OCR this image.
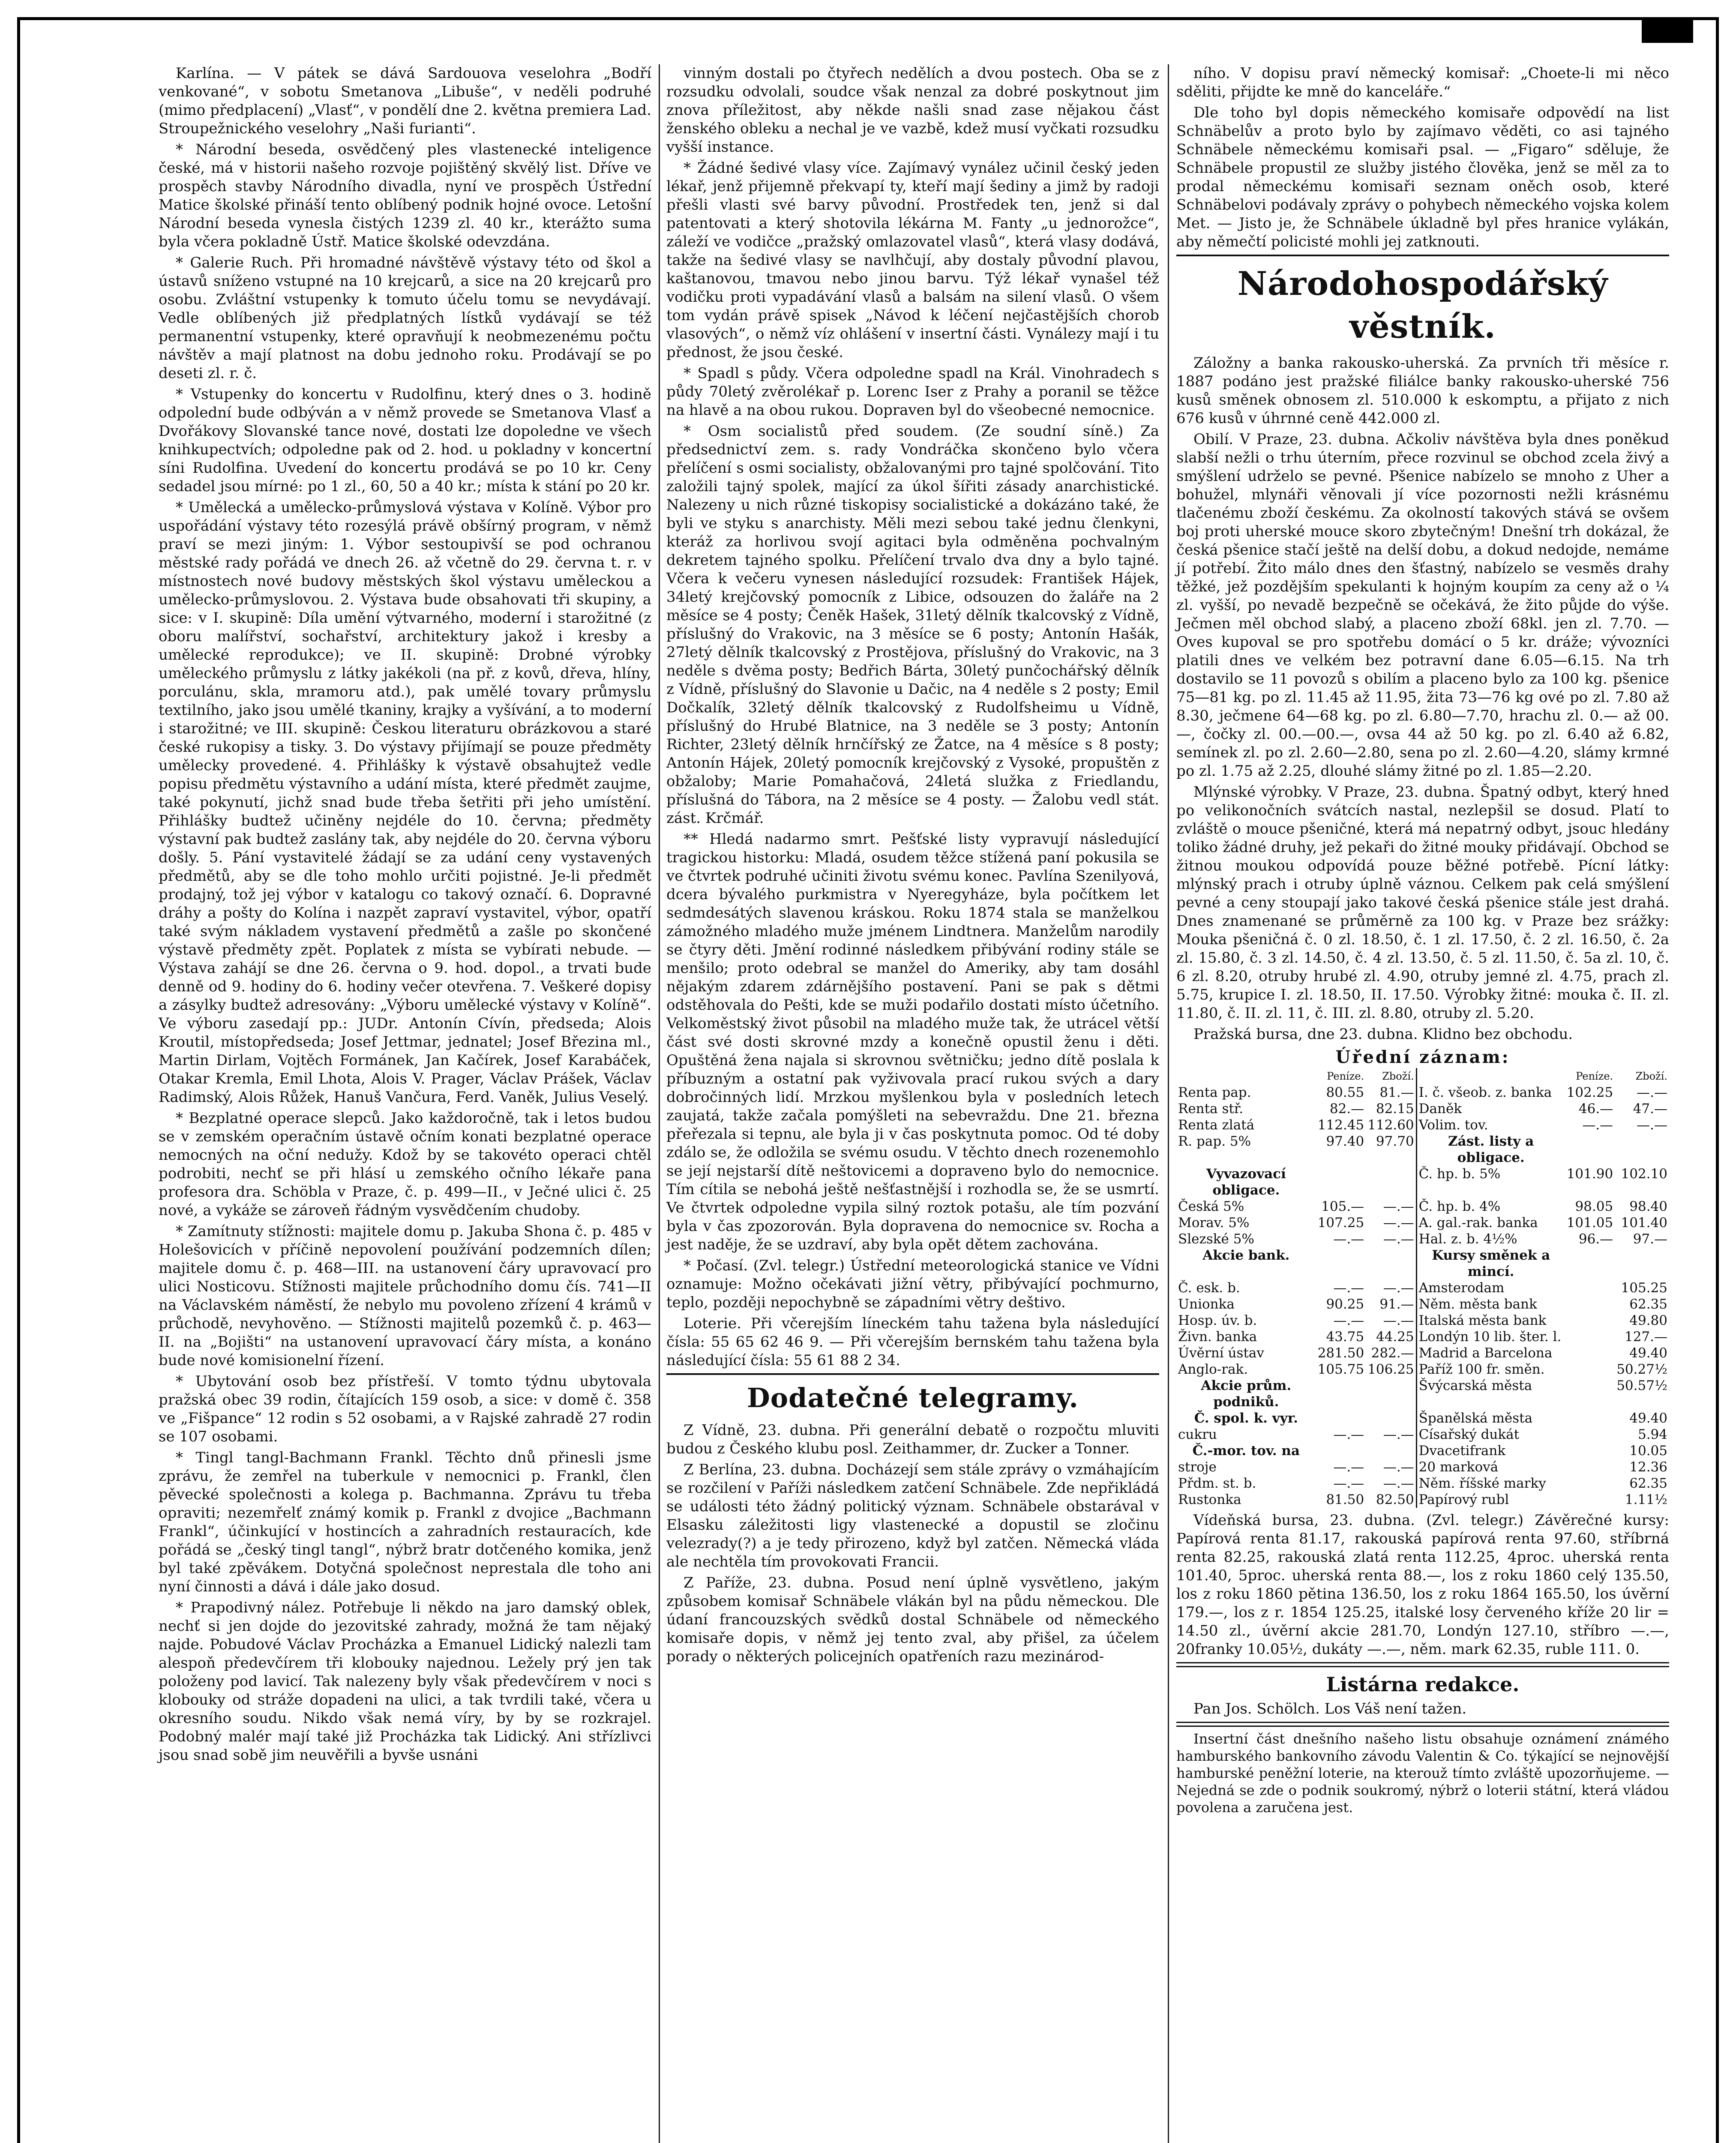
Karlína. — V pátek se dává Sardouova veselohra „Bodří venkované“, v sobotu Smetanova „Libuše“, v neděli podruhé (mimo předplacení) „Vlasť“, v pondělí dne 2. května premiera Lad. Stroupežnického veselohry „Naši furianti“.

* Národní beseda, osvědčený ples vlastenecké inteligence české, má v historii našeho rozvoje pojištěný skvělý list. Dříve ve prospěch stavby Národního divadla, nyní ve prospěch Ústřední Matice školské přináší tento oblíbený podnik hojné ovoce. Letošní Národní beseda vynesla čistých 1239 zl. 40 kr., kterážto suma byla včera pokladně Ústř. Matice školské odevzdána.

* Galerie Ruch. Při hromadné návštěvě výstavy této od škol a ústavů sníženo vstupné na 10 krejcarů, a sice na 20 krejcarů pro osobu. Zvláštní vstupenky k tomuto účelu tomu se nevydávají. Vedle oblíbených již předplatných lístků vydávají se též permanentní vstupenky, které opravňují k neobmezenému počtu návštěv a mají platnost na dobu jednoho roku. Prodávají se po deseti zl. r. č.

* Vstupenky do koncertu v Rudolfinu, který dnes o 3. hodině odpolední bude odbýván a v němž provede se Smetanova Vlasť a Dvořákovy Slovanské tance nové, dostati lze dopoledne ve všech knihkupectvích; odpoledne pak od 2. hod. u pokladny v koncertní síni Rudolfina. Uvedení do koncertu prodává se po 10 kr. Ceny sedadel jsou mírné: po 1 zl., 60, 50 a 40 kr.; místa k stání po 20 kr.

* Umělecká a umělecko-průmyslová výstava v Kolíně. Výbor pro uspořádání výstavy této rozesýlá právě obšírný program, v němž praví se mezi jiným: 1. Výbor sestoupivší se pod ochranou městské rady pořádá ve dnech 26. až včetně do 29. června t. r. v místnostech nové budovy městských škol výstavu uměleckou a umělecko-průmyslovou. 2. Výstava bude obsahovati tři skupiny, a sice: v I. skupině: Díla umění výtvarného, moderní i starožitné (z oboru malířství, sochařství, architektury jakož i kresby a umělecké reprodukce); ve II. skupině: Drobné výrobky uměleckého průmyslu z látky jakékoli (na př. z kovů, dřeva, hlíny, porculánu, skla, mramoru atd.), pak umělé tovary průmyslu textilního, jako jsou umělé tkaniny, krajky a vyšívání, a to moderní i starožitné; ve III. skupině: Českou literaturu obrázkovou a staré české rukopisy a tisky. 3. Do výstavy přijímají se pouze předměty umělecky provedené. 4. Přihlášky k výstavě obsahujtež vedle popisu předmětu výstavního a udání místa, které předmět zaujme, také pokynutí, jichž snad bude třeba šetřiti při jeho umístění. Přihlášky budtež učiněny nejdéle do 10. června; předměty výstavní pak budtež zaslány tak, aby nejdéle do 20. června výboru došly. 5. Pání vystavitelé žádají se za udání ceny vystavených předmětů, aby se dle toho mohlo určiti pojistné. Je-li předmět prodajný, tož jej výbor v katalogu co takový označí. 6. Dopravné dráhy a pošty do Kolína i nazpět zapraví vystavitel, výbor, opatří také svým nákladem vystavení předmětů a zašle po skončené výstavě předměty zpět. Poplatek z místa se vybírati nebude. — Výstava zahájí se dne 26. června o 9. hod. dopol., a trvati bude denně od 9. hodiny do 6. hodiny večer otevřena. 7. Veškeré dopisy a zásylky budtež adresovány: „Výboru umělecké výstavy v Kolíně“. Ve výboru zasedají pp.: JUDr. Antonín Cívín, předseda; Alois Kroutil, místopředseda; Josef Jettmar, jednatel; Josef Březina ml., Martin Dirlam, Vojtěch Formánek, Jan Kačírek, Josef Karabáček, Otakar Kremla, Emil Lhota, Alois V. Prager, Václav Prášek, Václav Radimský, Alois Růžek, Hanuš Vančura, Ferd. Vaněk, Julius Veselý.

* Bezplatné operace slepců. Jako každoročně, tak i letos budou se v zemském operačním ústavě očním konati bezplatné operace nemocných na oční nedužy. Kdož by se takovéto operaci chtěl podrobiti, nechť se při hlásí u zemského očního lékaře pana profesora dra. Schöbla v Praze, č. p. 499—II., v Ječné ulici č. 25 nové, a vykáže se zároveň řádným vysvědčením chudoby.

* Zamítnuty stížnosti: majitele domu p. Jakuba Shona č. p. 485 v Holešovicích v příčině nepovolení používání podzemních dílen; majitele domu č. p. 468—III. na ustanovení čáry upravovací pro ulici Nosticovu. Stížnosti majitele průchodního domu čís. 741—II na Václavském náměstí, že nebylo mu povoleno zřízení 4 krámů v průchodě, nevyhověno. — Stížnosti majitelů pozemků č. p. 463—II. na „Bojišti“ na ustanovení upravovací čáry místa, a konáno bude nové komisionelní řízení.

* Ubytování osob bez přístřeší. V tomto týdnu ubytovala pražská obec 39 rodin, čítajících 159 osob, a sice: v domě č. 358 ve „Fišpance“ 12 rodin s 52 osobami, a v Rajské zahradě 27 rodin se 107 osobami.

* Tingl tangl-Bachmann Frankl. Těchto dnů přinesli jsme zprávu, že zemřel na tuberkule v nemocnici p. Frankl, člen pěvecké společnosti a kolega p. Bachmanna. Zprávu tu třeba opraviti; nezemřelť známý komik p. Frankl z dvojice „Bachmann Frankl“, účinkující v hostincích a zahradních restauracích, kde pořádá se „český tingl tangl“, nýbrž bratr dotčeného komika, jenž byl také zpěvákem. Dotyčná společnost neprestala dle toho ani nyní činnosti a dává i dále jako dosud.

* Prapodivný nález. Potřebuje li někdo na jaro damský oblek, nechť si jen dojde do jezovitské zahrady, možná že tam nějaký najde. Pobudové Václav Procházka a Emanuel Lidický nalezli tam alespoň předevčírem tři klobouky najednou. Ležely prý jen tak položeny pod lavicí. Tak nalezeny byly však předevčírem v noci s klobouky od stráže dopadeni na ulici, a tak tvrdili také, včera u okresního soudu. Nikdo však nemá víry, by by se rozkrajel. Podobný malér mají také již Procházka tak Lidický. Ani střízlivci jsou snad sobě jim neuvěřili a byvše usnáni

vinným dostali po čtyřech nedělích a dvou postech. Oba se z rozsudku odvolali, soudce však nenzal za dobré poskytnout jim znova příležitost, aby někde našli snad zase nějakou část ženského obleku a nechal je ve vazbě, kdež musí vyčkati rozsudku vyšší instance.

* Žádné šedivé vlasy více. Zajímavý vynález učinil český jeden lékař, jenž přijemně překvapí ty, kteří mají šediny a jimž by radoji přešli vlasti své barvy původní. Prostředek ten, jenž si dal patentovati a který shotovila lékárna M. Fanty „u jednorožce“, záleží ve vodičce „pražský omlazovatel vlasů“, která vlasy dodává, takže na šedivé vlasy se navlhčují, aby dostaly původní plavou, kaštanovou, tmavou nebo jinou barvu. Týž lékař vynašel též vodičku proti vypadávání vlasů a balsám na silení vlasů. O všem tom vydán právě spisek „Návod k léčení nejčastějších chorob vlasových“, o němž víz ohlášení v insertní části. Vynálezy mají i tu přednost, že jsou české.

* Spadl s půdy. Včera odpoledne spadl na Král. Vinohradech s půdy 70letý zvěrolékař p. Lorenc Iser z Prahy a poranil se těžce na hlavě a na obou rukou. Dopraven byl do všeobecné nemocnice.

* Osm socialistů před soudem. (Ze soudní síně.) Za předsednictví zem. s. rady Vondráčka skončeno bylo včera přelíčení s osmi socialisty, obžalovanými pro tajné spolčování. Tito založili tajný spolek, mající za úkol šířiti zásady anarchistické. Nalezeny u nich různé tiskopisy socialistické a dokázáno také, že byli ve styku s anarchisty. Měli mezi sebou také jednu členkyni, kteráž za horlivou svojí agitaci byla odměněna pochvalným dekretem tajného spolku. Přelíčení trvalo dva dny a bylo tajné. Včera k večeru vynesen následující rozsudek: František Hájek, 34letý krejčovský pomocník z Libice, odsouzen do žaláře na 2 měsíce se 4 posty; Čeněk Hašek, 31letý dělník tkalcovský z Vídně, příslušný do Vrakovic, na 3 měsíce se 6 posty; Antonín Hašák, 27letý dělník tkalcovský z Prostějova, příslušný do Vrakovic, na 3 neděle s dvěma posty; Bedřich Bárta, 30letý punčochářský dělník z Vídně, příslušný do Slavonie u Dačic, na 4 neděle s 2 posty; Emil Dočkalík, 32letý dělník tkalcovský z Rudolfsheimu u Vídně, příslušný do Hrubé Blatnice, na 3 neděle se 3 posty; Antonín Richter, 23letý dělník hrnčířský ze Žatce, na 4 měsíce s 8 posty; Antonín Hájek, 20letý pomocník krejčovský z Vysoké, propuštěn z obžaloby; Marie Pomahačová, 24letá služka z Friedlandu, příslušná do Tábora, na 2 měsíce se 4 posty. — Žalobu vedl stát. zást. Krčmář.

** Hledá nadarmo smrt. Pešťské listy vypravují následující tragickou historku: Mladá, osudem těžce stížená paní pokusila se ve čtvrtek podruhé učiniti životu svému konec. Pavlína Szenilyová, dcera bývalého purkmistra v Nyeregyháze, byla počítkem let sedmdesátých slavenou kráskou. Roku 1874 stala se manželkou zámožného mladého muže jménem Lindtnera. Manželům narodily se čtyry děti. Jmění rodinné následkem přibývání rodiny stále se menšilo; proto odebral se manžel do Ameriky, aby tam dosáhl nějakým zdarem zdárnějšího postavení. Pani se pak s dětmi odstěhovala do Pešti, kde se muži podařilo dostati místo účetního. Velkoměstský život působil na mladého muže tak, že utrácel větší část své dosti skrovné mzdy a konečně opustil ženu i děti. Opuštěná žena najala si skrovnou světničku; jedno dítě poslala k příbuzným a ostatní pak vyživovala prací rukou svých a dary dobročinných lidí. Mrzkou myšlenkou byla v posledních letech zaujatá, takže začala pomýšleti na sebevraždu. Dne 21. března přeřezala si tepnu, ale byla ji v čas poskytnuta pomoc. Od té doby zdálo se, že odložila se svému osudu. V těchto dnech rozenemohlo se její nejstarší dítě neštovicemi a dopraveno bylo do nemocnice. Tím cítila se nebohá ještě nešťastnější i rozhodla se, že se usmrtí. Ve čtvrtek odpoledne vypila silný roztok potašu, ale tím pozvání byla v čas zpozorován. Byla dopravena do nemocnice sv. Rocha a jest naděje, že se uzdraví, aby byla opět dětem zachována.

* Počasí. (Zvl. telegr.) Ústřední meteorologická stanice ve Vídni oznamuje: Možno očekávati jižní větry, přibývající pochmurno, teplo, později nepochybně se západními větry deštivo.

Loterie. Při včerejším líneckém tahu tažena byla následující čísla: 55 65 62 46 9. — Při včerejším bernském tahu tažena byla následující čísla: 55 61 88 2 34.

Dodatečné telegramy.

Z Vídně, 23. dubna. Při generální debatě o rozpočtu mluviti budou z Českého klubu posl. Zeithammer, dr. Zucker a Tonner.

Z Berlína, 23. dubna. Docházejí sem stále zprávy o vzmáhajícím se rozčilení v Paříži následkem zatčení Schnäbele. Zde nepřikládá se události této žádný politický význam. Schnäbele obstarával v Elsasku záležitosti ligy vlastenecké a dopustil se zločinu velezrady(?) a je tedy přirozeno, když byl zatčen. Německá vláda ale nechtěla tím provokovati Francii.

Z Paříže, 23. dubna. Posud není úplně vysvětleno, jakým způsobem komisař Schnäbele vlákán byl na půdu německou. Dle údaní francouzských svědků dostal Schnäbele od německého komisaře dopis, v němž jej tento zval, aby přišel, za účelem porady o některých policejních opatřeních razu mezinárod-

ního. V dopisu praví německý komisař: „Choete-li mi něco sděliti, přijdte ke mně do kanceláře.“

Dle toho byl dopis německého komisaře odpovědí na list Schnäbelův a proto bylo by zajímavo věděti, co asi tajného Schnäbele německému komisaři psal. — „Figaro“ sděluje, že Schnäbele propustil ze služby jistého člověka, jenž se měl za to prodal německému komisaři seznam oněch osob, které Schnäbelovi podávaly zprávy o pohybech německého vojska kolem Met. — Jisto je, že Schnäbele úkladně byl přes hranice vylákán, aby němečtí policisté mohli jej zatknouti.

Národohospodářský věstník.

Záložny a banka rakousko-uherská. Za prvních tři měsíce r. 1887 podáno jest pražské filiálce banky rakousko-uherské 756 kusů směnek obnosem zl. 510.000 k eskomptu, a přijato z nich 676 kusů v úhrnné ceně 442.000 zl.

Obilí. V Praze, 23. dubna. Ačkoliv návštěva byla dnes poněkud slabší nežli o trhu úterním, přece rozvinul se obchod zcela živý a smýšlení udrželo se pevné. Pšenice nabízelo se mnoho z Uher a bohužel, mlynáři věnovali jí více pozornosti nežli krásnému tlačenému zboží českému. Za okolností takových stává se ovšem boj proti uherské mouce skoro zbytečným! Dnešní trh dokázal, že česká pšenice stačí ještě na delší dobu, a dokud nedojde, nemáme jí potřebí. Žito málo dnes den šťastný, nabízelo se vesměs drahy těžké, jež pozdějším spekulanti k hojným koupím za ceny až o ¼ zl. vyšší, po nevadě bezpečně se očekává, že žito půjde do výše. Ječmen měl obchod slabý, a placeno zboží 68kl. jen zl. 7.70. — Oves kupoval se pro spotřebu domácí o 5 kr. dráže; vývozníci platili dnes ve velkém bez potravní dane 6.05—6.15. Na trh dostavilo se 11 povozů s obilím a placeno bylo za 100 kg. pšenice 75—81 kg. po zl. 11.45 až 11.95, žita 73—76 kg ové po zl. 7.80 až 8.30, ječmene 64—68 kg. po zl. 6.80—7.70, hrachu zl. 0.— až 00.—, čočky zl. 00.—00.—, ovsa 44 až 50 kg. po zl. 6.40 až 6.82, semínek zl. po zl. 2.60—2.80, sena po zl. 2.60—4.20, slámy krmné po zl. 1.75 až 2.25, dlouhé slámy žitné po zl. 1.85—2.20.

Mlýnské výrobky. V Praze, 23. dubna. Špatný odbyt, který hned po velikonočních svátcích nastal, nezlepšil se dosud. Platí to zvláště o mouce pšeničné, která má nepatrný odbyt, jsouc hledány toliko žádné druhy, jež pekaři do žitné mouky přidávají. Obchod se žitnou moukou odpovídá pouze běžné potřebě. Pícní látky: mlýnský prach i otruby úplně váznou. Celkem pak celá smýšlení pevné a ceny stoupají jako takové česká pšenice stále jest drahá. Dnes znamenané se průměrně za 100 kg. v Praze bez srážky: Mouka pšeničná č. 0 zl. 18.50, č. 1 zl. 17.50, č. 2 zl. 16.50, č. 2a zl. 15.80, č. 3 zl. 14.50, č. 4 zl. 13.50, č. 5 zl. 11.50, č. 5a zl. 10, č. 6 zl. 8.20, otruby hrubé zl. 4.90, otruby jemné zl. 4.75, prach zl. 5.75, krupice I. zl. 18.50, II. 17.50. Výrobky žitné: mouka č. II. zl. 11.80, č. II. zl. 11, č. III. zl. 8.80, otruby zl. 5.20.

Pražská bursa, dne 23. dubna. Klidno bez obchodu.

Úřední záznam:
	Peníze.	Zboží.		Peníze.	Zboží.
Renta pap.	80.55	81.—	I. č. všeob. z. banka	102.25	—.—
Renta stř.	82.—	82.15	Daněk	46.—	47.—
Renta zlatá	112.45	112.60	Volim. tov.	—.—	—.—
R. pap. 5%	97.40	97.70	Zást. listy a obligace.		
Vyvazovací obligace.			Č. hp. b. 5%	101.90	102.10
Česká 5%	105.—	—.—	Č. hp. b. 4%	98.05	98.40
Morav. 5%	107.25	—.—	A. gal.-rak. banka	101.05	101.40
Slezské 5%	—.—	—.—	Hal. z. b. 4½%	96.—	97.—
Akcie bank.			Kursy směnek a mincí.		
Č. esk. b.	—.—	—.—	Amsterodam		105.25
Unionka	90.25	91.—	Něm. města bank		62.35
Hosp. úv. b.	—.—	—.—	Italská města bank		49.80
Živn. banka	43.75	44.25	Londýn 10 lib. šter. l.		127.—
Úvěrní ústav	281.50	282.—	Madrid a Barcelona		49.40
Anglo-rak.	105.75	106.25	Paříž 100 fr. směn.		50.27½
Akcie prům. podniků.			Švýcarská města		50.57½
Č. spol. k. vyr.			Španělská města		49.40
cukru	—.—	—.—	Císařský dukát		5.94
Č.-mor. tov. na			Dvacetifrank		10.05
stroje	—.—	—.—	20 marková		12.36
Přdm. st. b.	—.—	—.—	Něm. říšské marky		62.35
Rustonka	81.50	82.50	Papírový rubl		1.11½

Vídeňská bursa, 23. dubna. (Zvl. telegr.) Závěrečné kursy: Papírová renta 81.17, rakouská papírová renta 97.60, stříbrná renta 82.25, rakouská zlatá renta 112.25, 4proc. uherská renta 101.40, 5proc. uherská renta 88.—, los z roku 1860 celý 135.50, los z roku 1860 pětina 136.50, los z roku 1864 165.50, los úvěrní 179.—, los z r. 1854 125.25, italské losy červeného kříže 20 lir = 14.50 zl., úvěrní akcie 281.70, Londýn 127.10, stříbro —.—, 20franky 10.05½, dukáty —.—, něm. mark 62.35, ruble 111. 0.

Listárna redakce.

Pan Jos. Schölch. Los Váš není tažen.

Insertní část dnešního našeho listu obsahuje oznámení známého hamburského bankovního závodu Valentin & Co. týkající se nejnovější hamburské peněžní loterie, na kterouž tímto zvláště upozorňujeme. — Nejedná se zde o podnik soukromý, nýbrž o loterii státní, která vládou povolena a zaručena jest.
